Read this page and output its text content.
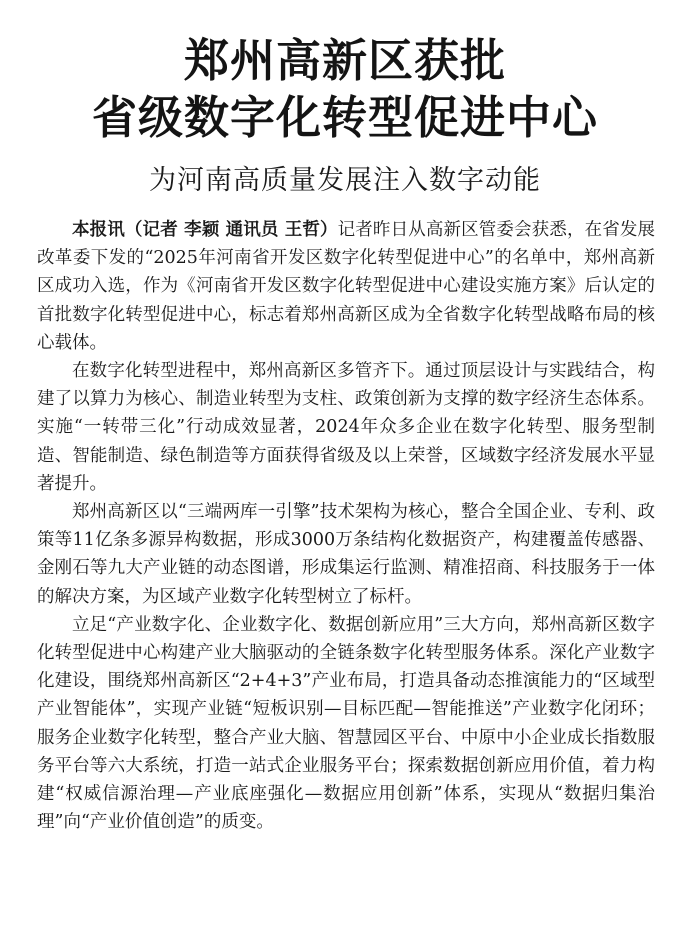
郑州高新区获批
省级数字化转型促进中心
为河南高质量发展注入数字动能

本报讯（记者 李颖 通讯员 王哲）记者昨日从高新区管委会获悉，在省发展改革委下发的“2025年河南省开发区数字化转型促进中心”的名单中，郑州高新区成功入选，作为《河南省开发区数字化转型促进中心建设实施方案》后认定的首批数字化转型促进中心，标志着郑州高新区成为全省数字化转型战略布局的核心载体。

在数字化转型进程中，郑州高新区多管齐下。通过顶层设计与实践结合，构建了以算力为核心、制造业转型为支柱、政策创新为支撑的数字经济生态体系。实施“一转带三化”行动成效显著，2024年众多企业在数字化转型、服务型制造、智能制造、绿色制造等方面获得省级及以上荣誉，区域数字经济发展水平显著提升。

郑州高新区以“三端两库一引擎”技术架构为核心，整合全国企业、专利、政策等11亿条多源异构数据，形成3000万条结构化数据资产，构建覆盖传感器、金刚石等九大产业链的动态图谱，形成集运行监测、精准招商、科技服务于一体的解决方案，为区域产业数字化转型树立了标杆。

立足“产业数字化、企业数字化、数据创新应用”三大方向，郑州高新区数字化转型促进中心构建产业大脑驱动的全链条数字化转型服务体系。深化产业数字化建设，围绕郑州高新区“2+4+3”产业布局，打造具备动态推演能力的“区域型产业智能体”，实现产业链“短板识别—目标匹配—智能推送”产业数字化闭环；服务企业数字化转型，整合产业大脑、智慧园区平台、中原中小企业成长指数服务平台等六大系统，打造一站式企业服务平台；探索数据创新应用价值，着力构建“权威信源治理—产业底座强化—数据应用创新”体系，实现从“数据归集治理”向“产业价值创造”的质变。
